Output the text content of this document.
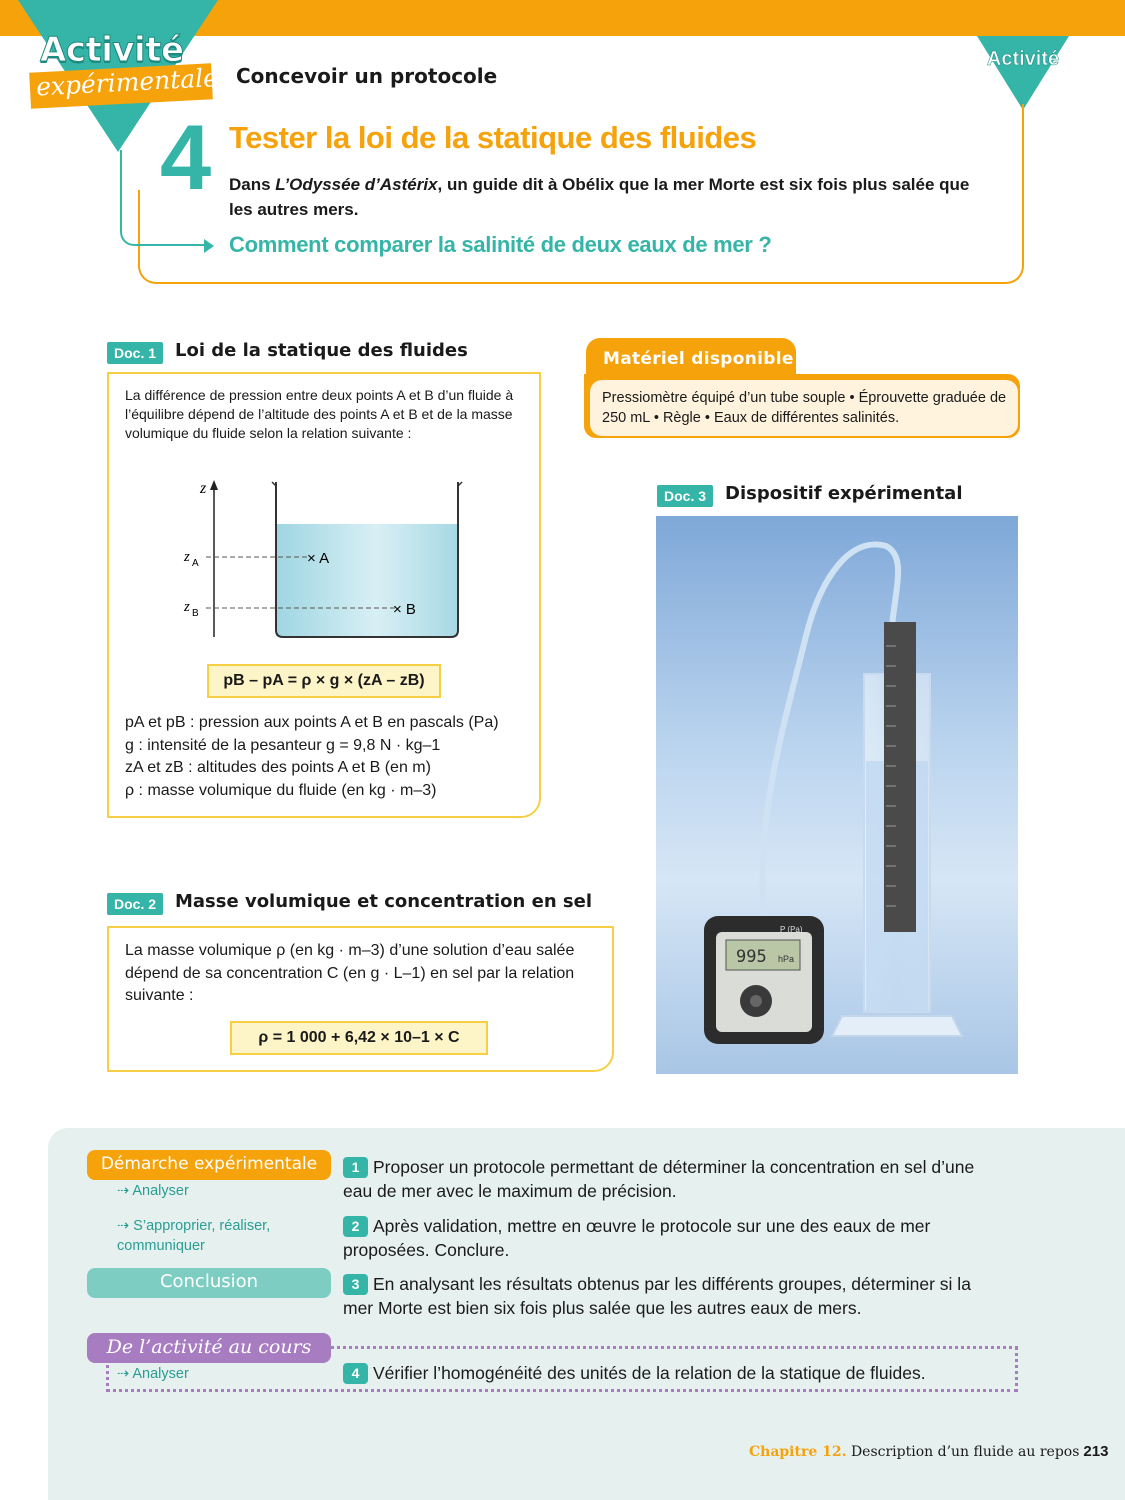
Activité
expérimentale Concevoir un protocole
Activité
4 Tester la loi de la statique des fluides
Dans L’Odyssée d’Astérix, un guide dit à Obélix que la mer Morte est six fois plus salée que les autres mers.
Comment comparer la salinité de deux eaux de mer ?
Doc. 1	Loi de la statique des fluides
La différence de pression entre deux points A et B d’un fluide à l’équilibre dépend de l’altitude des points A et B et de la masse volumique du fluide selon la relation suivante :
z
z A
z B
× A
× B
pB – pA = ρ × g × (zA – zB)
pA et pB : pression aux points A et B en pascals (Pa)
g : intensité de la pesanteur g = 9,8 N · kg–1
zA et zB : altitudes des points A et B (en m)
ρ : masse volumique du fluide (en kg · m–3)
Matériel disponible
Pressiomètre équipé d’un tube souple • Éprouvette graduée de 250 mL • Règle • Eaux de différentes salinités.
Doc. 3	Dispositif expérimental
995 hPa
P (Pa)
Doc. 2	Masse volumique et concentration en sel
La masse volumique ρ (en kg · m–3) d’une solution d’eau salée dépend de sa concentration C (en g · L–1) en sel par la relation suivante :
ρ = 1 000 + 6,42 × 10–1 × C
Démarche expérimentale
⇢ Analyser
⇢ S’approprier, réaliser, communiquer
Conclusion
De l’activité au cours
⇢ Analyser
1 Proposer un protocole permettant de déterminer la concentration en sel d’une eau de mer avec le maximum de précision.
2 Après validation, mettre en œuvre le protocole sur une des eaux de mer proposées. Conclure.
3 En analysant les résultats obtenus par les différents groupes, déterminer si la mer Morte est bien six fois plus salée que les autres eaux de mers.
4 Vérifier l’homogénéité des unités de la relation de la statique de fluides.
Chapitre 12. Description d’un fluide au repos 213
